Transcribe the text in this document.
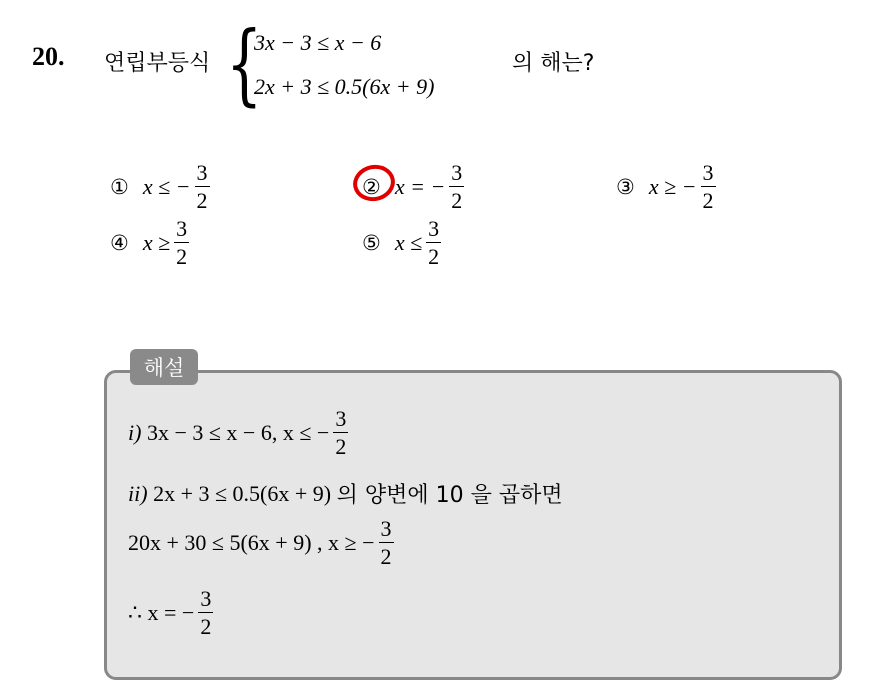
20. 연립부등식 {
3x − 3 ≤ x − 6
2x + 3 ≤ 0.5(6x + 9)
의 해는?
① x ≤ − $\frac{3}{2}$	② x = − $\frac{3}{2}$	③ x ≥ − $\frac{3}{2}$
④ $x \ge \frac{3}{2}$	⑤ $x \le \frac{3}{2}$
해설
i)
3x − 3 ≤ x − 6, x ≤ − $\frac{3}{2}$
ii)
2x + 3 ≤ 0.5(6x + 9)
의 양변에 10 을 곱하면
20x + 30 ≤ 5(6x + 9) , x ≥ − $\frac{3}{2}$
∴ x = − $\frac{3}{2}$
